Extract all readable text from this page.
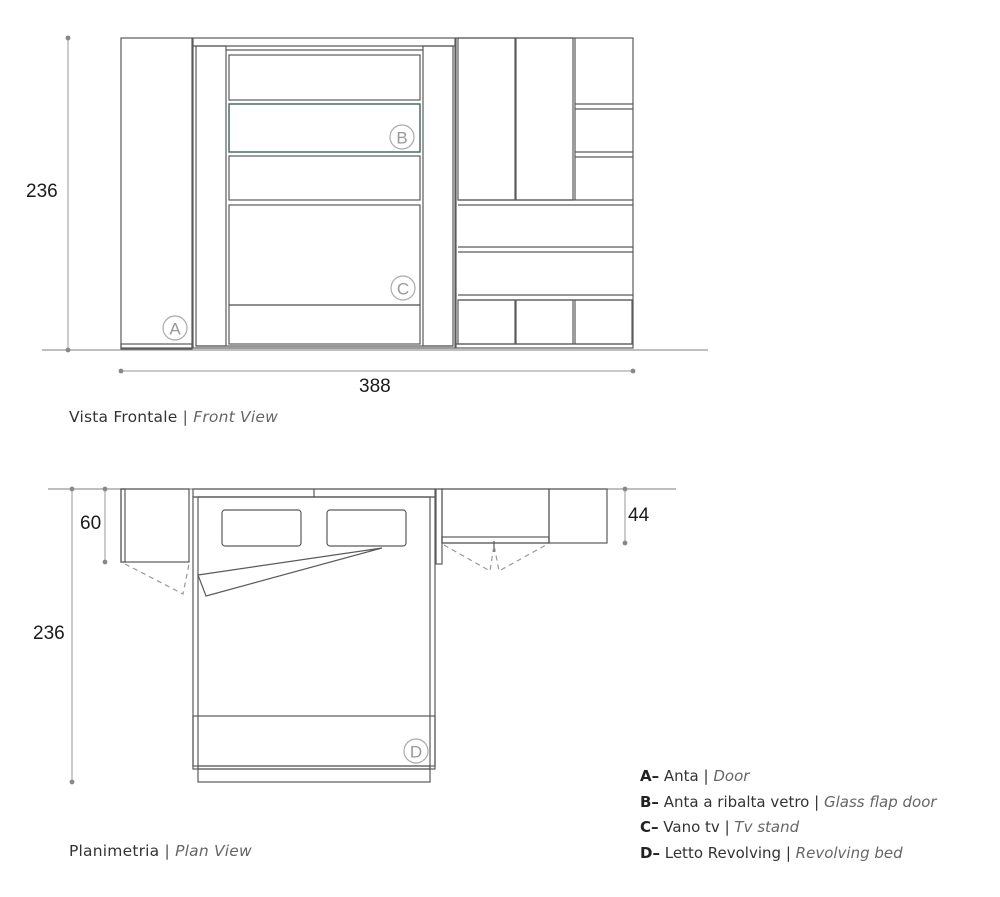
A
B
C
D
236
388
60	44
236
Vista Frontale | Front View
Planimetria | Plan View
A– Anta | Door
B– Anta a ribalta vetro | Glass flap door
C– Vano tv | Tv stand
D– Letto Revolving | Revolving bed
